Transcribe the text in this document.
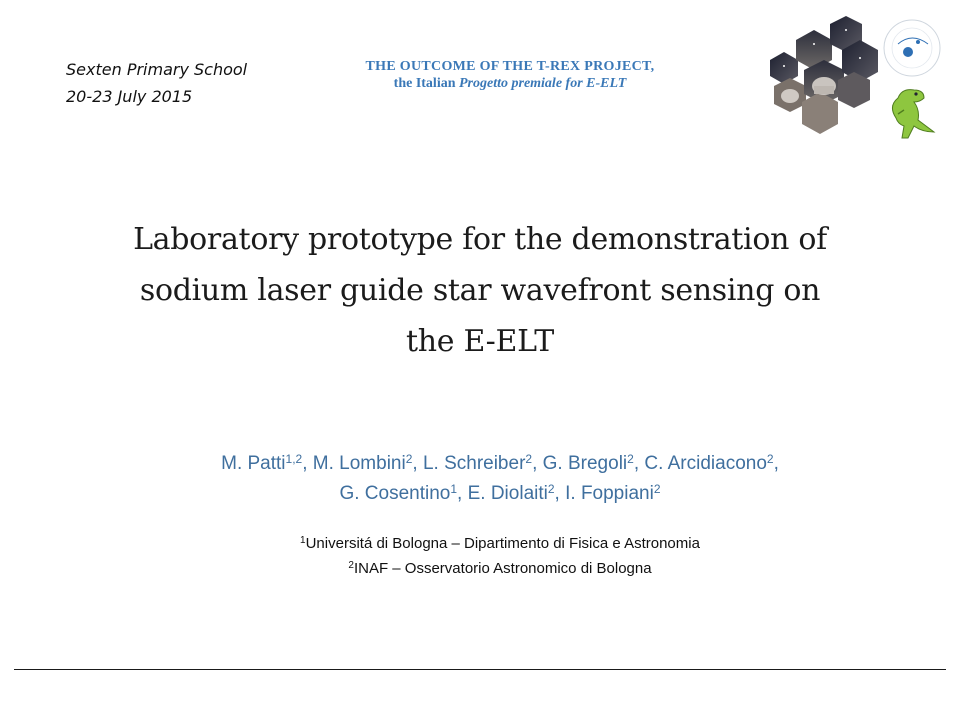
Sexten Primary School
20-23 July 2015
THE OUTCOME OF THE T-REX PROJECT,
the Italian Progetto premiale for E-ELT
Laboratory prototype for the demonstration of
sodium laser guide star wavefront sensing on
the E-ELT
M. Patti$^{1,2}$, M. Lombini$^2$, L. Schreiber$^2$, G. Bregoli$^2$, C. Arcidiacono$^2$,
G. Cosentino$^1$, E. Diolaiti$^2$, I. Foppiani$^2$
$^1$Universitá di Bologna – Dipartimento di Fisica e Astronomia
$^2$INAF – Osservatorio Astronomico di Bologna
